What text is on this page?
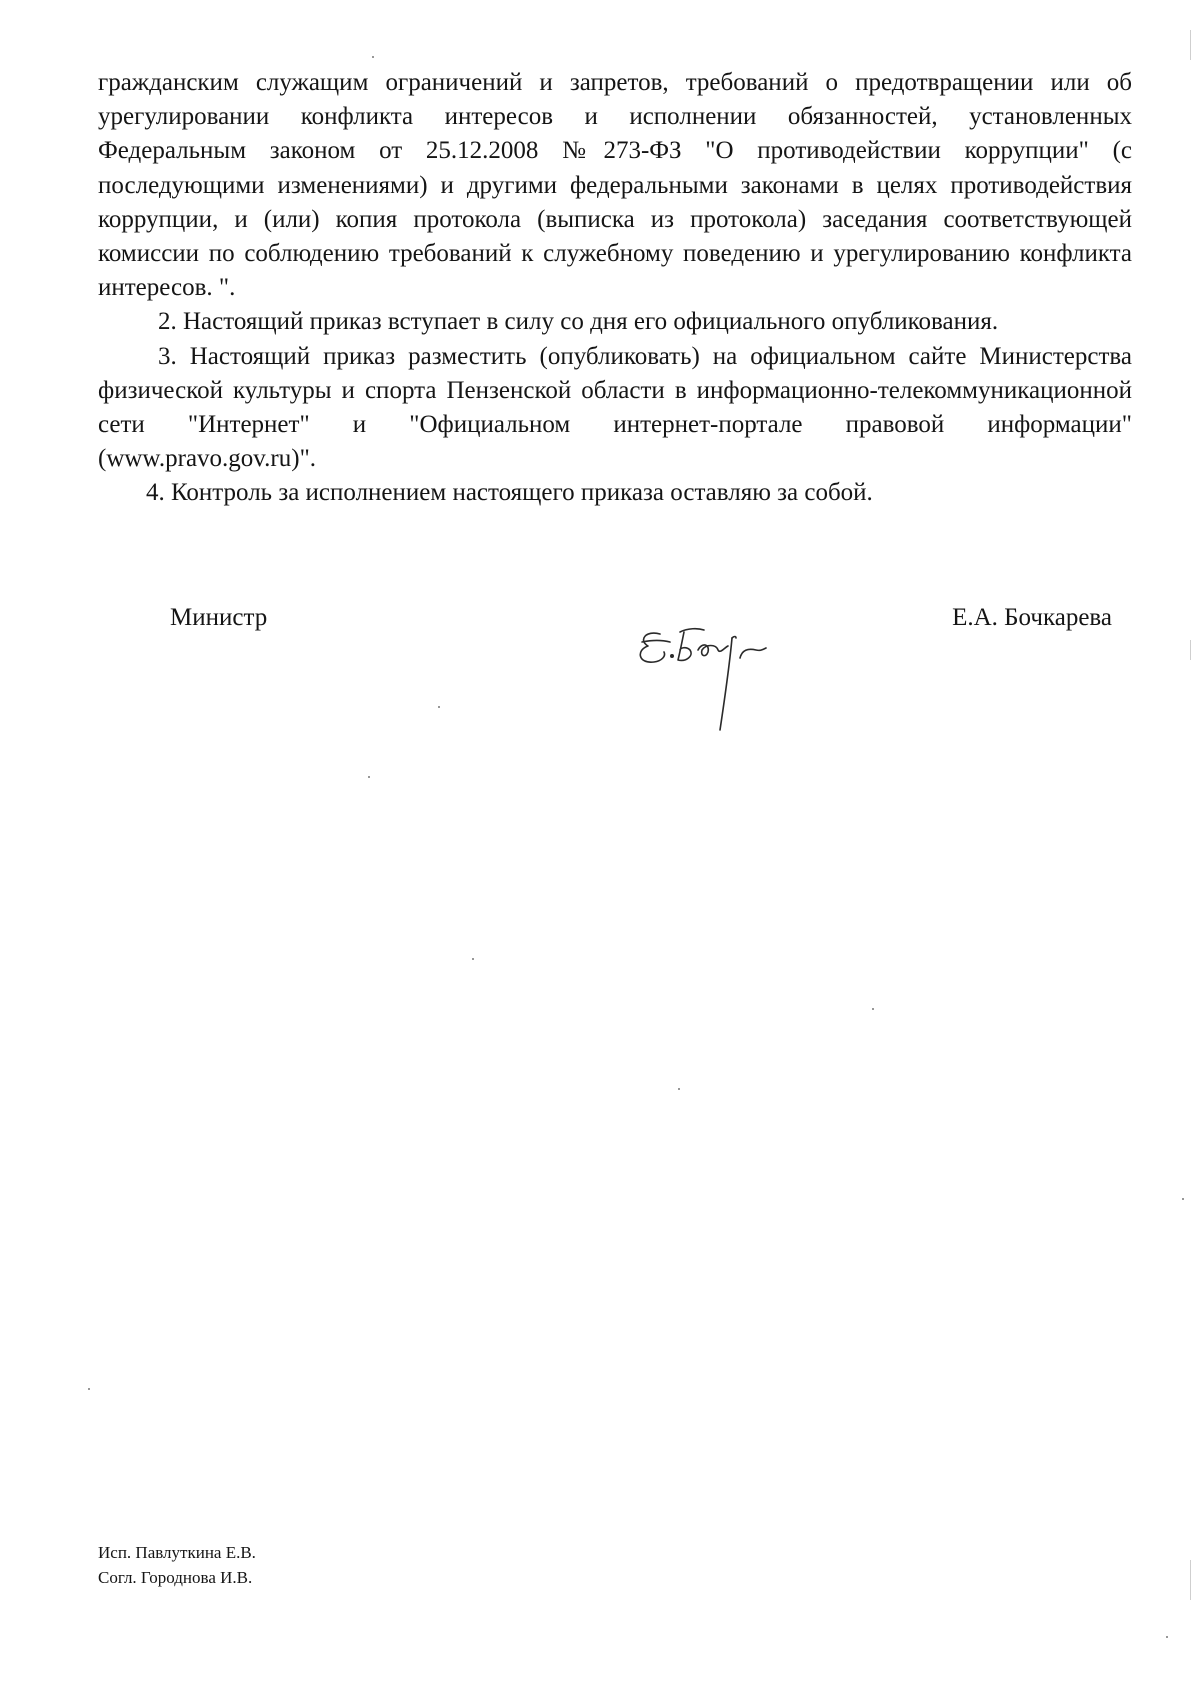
гражданским служащим ограничений и запретов, требований о предотвращении или об урегулировании конфликта интересов и исполнении обязанностей, установленных Федеральным законом от 25.12.2008 №273-ФЗ "О противодействии коррупции" (с последующими изменениями) и другими федеральными законами в целях противодействия коррупции, и (или) копия протокола (выписка из протокола) заседания соответствующей комиссии по соблюдению требований к служебному поведению и урегулированию конфликта интересов. ".

2. Настоящий приказ вступает в силу со дня его официального опубликования.

3. Настоящий приказ разместить (опубликовать) на официальном сайте Министерства физической культуры и спорта Пензенской области в информационно-телекоммуникационной сети "Интернет" и "Официальном интернет-портале правовой информации" (www.pravo.gov.ru)".

4. Контроль за исполнением настоящего приказа оставляю за собой.

Министр	Е.А. Бочкарева

Исп. Павлуткина Е.В.

Согл. Городнова И.В.
